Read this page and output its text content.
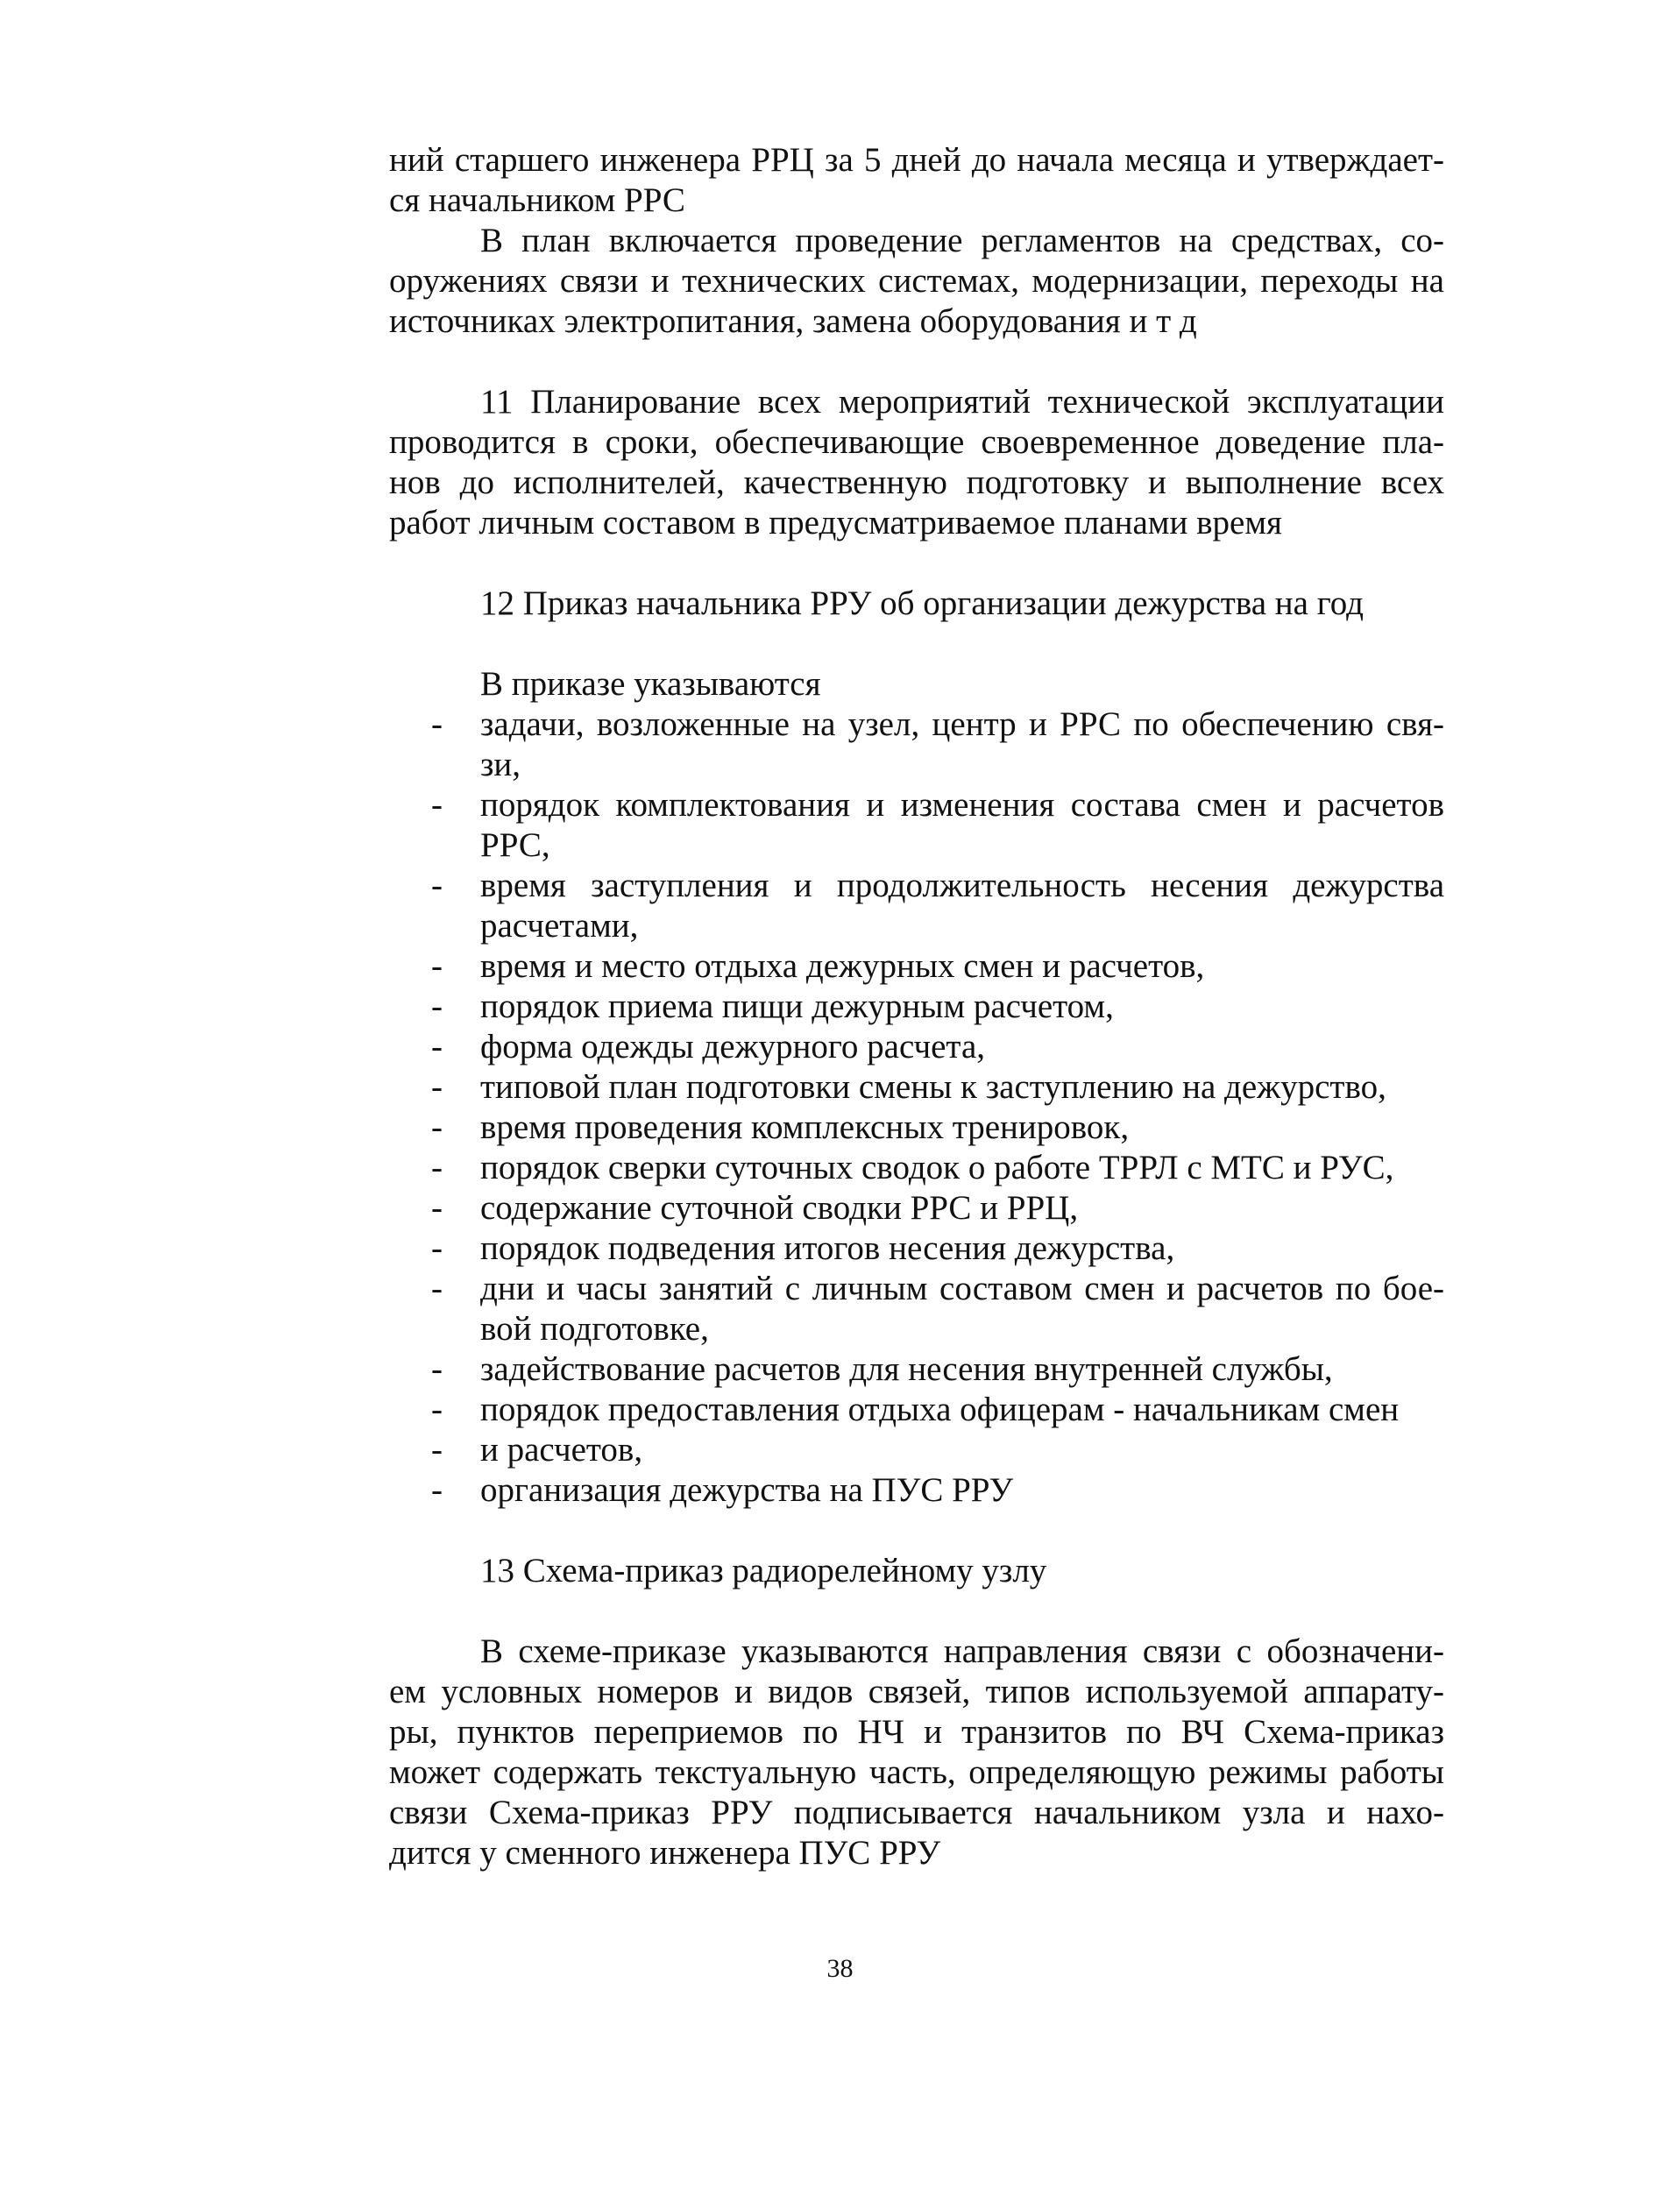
ний старшего инженера РРЦ за 5 дней до начала месяца и утверждает-
ся начальником РРС

В план включается проведение регламентов на средствах, со-
оружениях связи и технических системах, модернизации, переходы на
источниках электропитания, замена оборудования и т д

11 Планирование всех мероприятий технической эксплуатации
проводится в сроки, обеспечивающие своевременное доведение пла-
нов до исполнителей, качественную подготовку и выполнение всех
работ личным составом в предусматриваемое планами время

12 Приказ начальника РРУ об организации дежурства на год

В приказе указываются

- задачи, возложенные на узел, центр и РРС по обеспечению свя-зи,
- порядок комплектования и изменения состава смен и расчетов РРС,
- время заступления и продолжительность несения дежурства расчетами,
- время и место отдыха дежурных смен и расчетов,
- порядок приема пищи дежурным расчетом,
- форма одежды дежурного расчета,
- типовой план подготовки смены к заступлению на дежурство,
- время проведения комплексных тренировок,
- порядок сверки суточных сводок о работе ТРРЛ с МТС и РУС,
- содержание суточной сводки РРС и РРЦ,
- порядок подведения итогов несения дежурства,
- дни и часы занятий с личным составом смен и расчетов по бое-вой подготовке,
- задействование расчетов для несения внутренней службы,
- порядок предоставления отдыха офицерам - начальникам смен
- и расчетов,
- организация дежурства на ПУС РРУ

13 Схема-приказ радиорелейному узлу

В схеме-приказе указываются направления связи с обозначени-
ем условных номеров и видов связей, типов используемой аппарату-
ры, пунктов переприемов по НЧ и транзитов по ВЧ Схема-приказ
может содержать текстуальную часть, определяющую режимы работы
связи Схема-приказ РРУ подписывается начальником узла и нахо-
дится у сменного инженера ПУС РРУ

38
